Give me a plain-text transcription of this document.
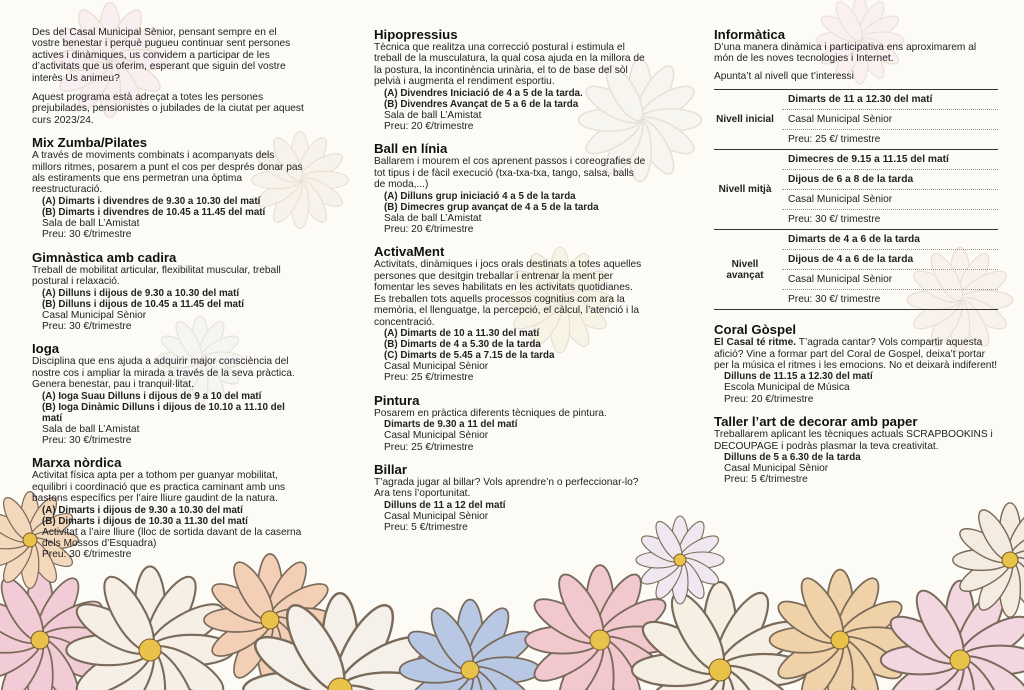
Des del Casal Municipal Sènior, pensant sempre en el vostre benestar i perquè pugueu continuar sent persones actives i dinàmiques, us convidem a participar de les d’activitats que us oferim, esperant que siguin del vostre interès Us animeu?

Aquest programa està adreçat a totes les persones prejubilades, pensionistes o jubilades de la ciutat per aquest curs 2023/24.

Mix Zumba/Pilates

A través de moviments combinats i acompanyats dels millors ritmes, posarem a punt el cos per després donar pas als estiraments que ens permetran una òptima reestructuració.

(A) Dimarts i divendres de 9.30 a 10.30 del matí

(B) Dimarts i divendres de 10.45 a 11.45 del matí

Sala de ball L’Amistat

Preu: 30 €/trimestre

Gimnàstica amb cadira

Treball de mobilitat articular, flexibilitat muscular, treball postural i relaxació.

(A) Dilluns i dijous de 9.30 a 10.30 del matí

(B) Dilluns i dijous de 10.45 a 11.45 del matí

Casal Municipal Sènior

Preu: 30 €/trimestre

Ioga

Disciplina que ens ajuda a adquirir major consciència del nostre cos i ampliar la mirada a través de la seva pràctica. Genera benestar, pau i tranquil·litat.

(A) Ioga Suau Dilluns i dijous de 9 a 10 del matí

(B) Ioga Dinàmic Dilluns i dijous de 10.10 a 11.10 del matí

Sala de ball L’Amistat

Preu: 30 €/trimestre

Marxa nòrdica

Activitat física apta per a tothom per guanyar mobilitat, equilibri i coordinació que es practica caminant amb uns bastons específics per l’aire lliure gaudint de la natura.

(A) Dimarts i dijous de 9.30 a 10.30 del matí

(B) Dimarts i dijous de 10.30 a 11.30 del matí

Activitat a l’aire lliure (lloc de sortida davant de la caserna dels Mossos d’Esquadra)

Preu: 30 €/trimestre

Hipopressius

Tècnica que realitza una correcció postural i estimula el treball de la musculatura, la qual cosa ajuda en la millora de la postura, la incontinència urinària, el to de base del sòl pelvià i augmenta el rendiment esportiu.

(A) Divendres Iniciació de 4 a 5 de la tarda.

(B) Divendres Avançat de 5 a 6 de la tarda

Sala de ball L’Amistat

Preu: 20 €/trimestre

Ball en línia

Ballarem i mourem el cos aprenent passos i coreografies de tot tipus i de fàcil execució (txa-txa-txa, tango, salsa, balls de moda,...)

(A) Dilluns grup iniciació 4 a 5 de la tarda

(B) Dimecres grup avançat de 4 a 5 de la tarda

Sala de ball L’Amistat

Preu: 20 €/trimestre

ActivaMent

Activitats, dinàmiques i jocs orals destinats a totes aquelles persones que desitgin treballar i entrenar la ment per fomentar les seves habilitats en les activitats quotidianes. Es treballen tots aquells processos cognitius com ara la memòria, el llenguatge, la percepció, el càlcul, l’atenció i la concentració.

(A) Dimarts de 10 a 11.30 del matí

(B) Dimarts de 4 a 5.30 de la tarda

(C) Dimarts de 5.45 a 7.15 de la tarda

Casal Municipal Sènior

Preu: 25 €/trimestre

Pintura

Posarem en pràctica diferents tècniques de pintura.

Dimarts de 9.30 a 11 del matí

Casal Municipal Sènior

Preu: 25 €/trimestre

Billar

T’agrada jugar al billar? Vols aprendre’n o perfeccionar-lo? Ara tens l’oportunitat.

Dilluns de 11 a 12 del matí

Casal Municipal Sènior

Preu: 5 €/trimestre

Informàtica

D’una manera dinàmica i participativa ens aproximarem al món de les noves tecnologies i Internet.

Apunta’t al nivell que t’interessi

Nivell inicial	Dimarts de 11 a 12.30 del matí
	Casal Municipal Sènior
	Preu: 25 €/ trimestre
Nivell mitjà	Dimecres de 9.15 a 11.15 del matí
	Dijous de 6 a 8 de la tarda
	Casal Municipal Sènior
	Preu: 30 €/ trimestre
Nivell avançat	Dimarts de 4 a 6 de la tarda
	Dijous de 4 a 6 de la tarda
	Casal Municipal Sènior
	Preu: 30 €/ trimestre
Coral Gòspel

El Casal té ritme. T’agrada cantar? Vols compartir aquesta afició? Vine a formar part del Coral de Gospel, deixa’t portar per la música el ritmes i les emocions. No et deixarà indiferent!

Dilluns de 11.15 a 12.30 del matí

Escola Municipal de Música

Preu: 20 €/trimestre

Taller l’art de decorar amb paper

Treballarem aplicant les tècniques actuals SCRAPBOOKINS i DECOUPAGE i podràs plasmar la teva creativitat.

Dilluns de 5 a 6.30 de la tarda

Casal Municipal Sènior

Preu: 5 €/trimestre
